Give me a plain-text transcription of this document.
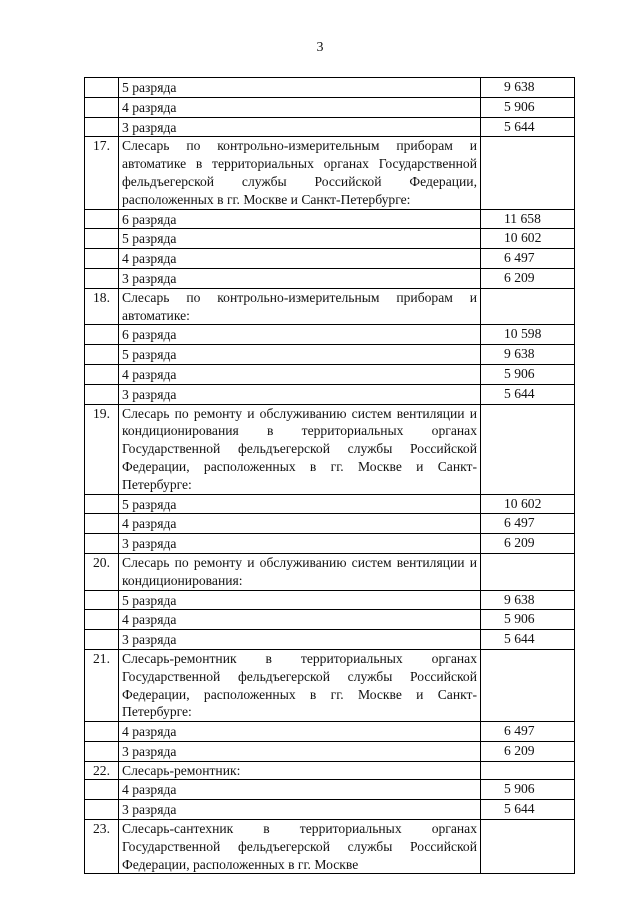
3
	5 разряда	9 638
	4 разряда	5 906
	3 разряда	5 644
17.	Слесарь по контрольно-измерительным приборам и автоматике в территориальных органах Государственной фельдъегерской службы Российской Федерации, расположенных в гг. Москве и Санкт-Петербурге:	
	6 разряда	11 658
	5 разряда	10 602
	4 разряда	6 497
	3 разряда	6 209
18.	Слесарь по контрольно-измерительным приборам и автоматике:	
	6 разряда	10 598
	5 разряда	9 638
	4 разряда	5 906
	3 разряда	5 644
19.	Слесарь по ремонту и обслуживанию систем вентиляции и кондиционирования в территориальных органах Государственной фельдъегерской службы Российской Федерации, расположенных в гг. Москве и Санкт-Петербурге:	
	5 разряда	10 602
	4 разряда	6 497
	3 разряда	6 209
20.	Слесарь по ремонту и обслуживанию систем вентиляции и кондиционирования:	
	5 разряда	9 638
	4 разряда	5 906
	3 разряда	5 644
21.	Слесарь-ремонтник в территориальных органах Государственной фельдъегерской службы Российской Федерации, расположенных в гг. Москве и Санкт-Петербурге:	
	4 разряда	6 497
	3 разряда	6 209
22.	Слесарь-ремонтник:	
	4 разряда	5 906
	3 разряда	5 644
23.	Слесарь-сантехник в территориальных органах Государственной фельдъегерской службы Российской Федерации, расположенных в гг. Москве	
